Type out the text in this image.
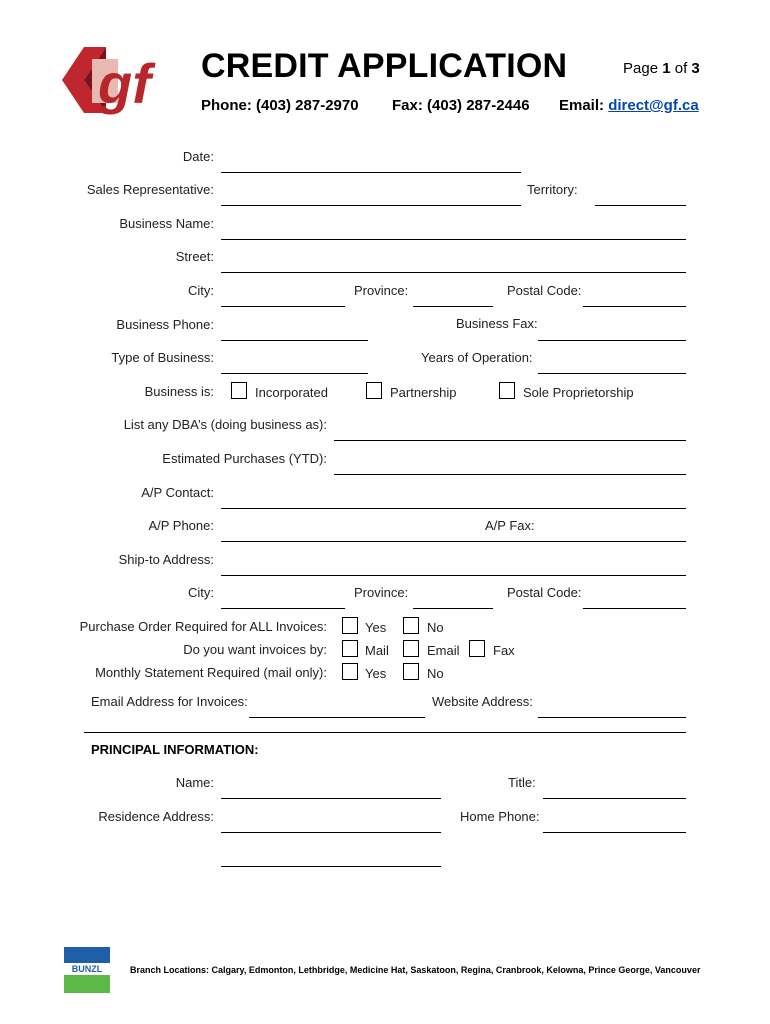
gf CREDIT APPLICATION	Page 1 of 3
Phone: (403) 287-2970 Fax: (403) 287-2446 Email: direct@gf.ca
Date:
Sales Representative:	Territory:
Business Name:
Street:
City:	Province:	Postal Code:
Business Phone:	Business Fax:
Type of Business:	Years of Operation:
Business is:	Incorporated	Partnership	Sole Proprietorship
List any DBA’s (doing business as):
Estimated Purchases (YTD):
A/P Contact:
A/P Phone:	A/P Fax:
Ship-to Address:
City:	Province:	Postal Code:
Purchase Order Required for ALL Invoices:	Yes	No
Do you want invoices by:	Mail	Email	Fax
Monthly Statement Required (mail only):	Yes	No
Email Address for Invoices:	Website Address:
PRINCIPAL INFORMATION:
Name:	Title:
Residence Address:	Home Phone:
BUNZL	Branch Locations: Calgary, Edmonton, Lethbridge, Medicine Hat, Saskatoon, Regina, Cranbrook, Kelowna, Prince George, Vancouver
